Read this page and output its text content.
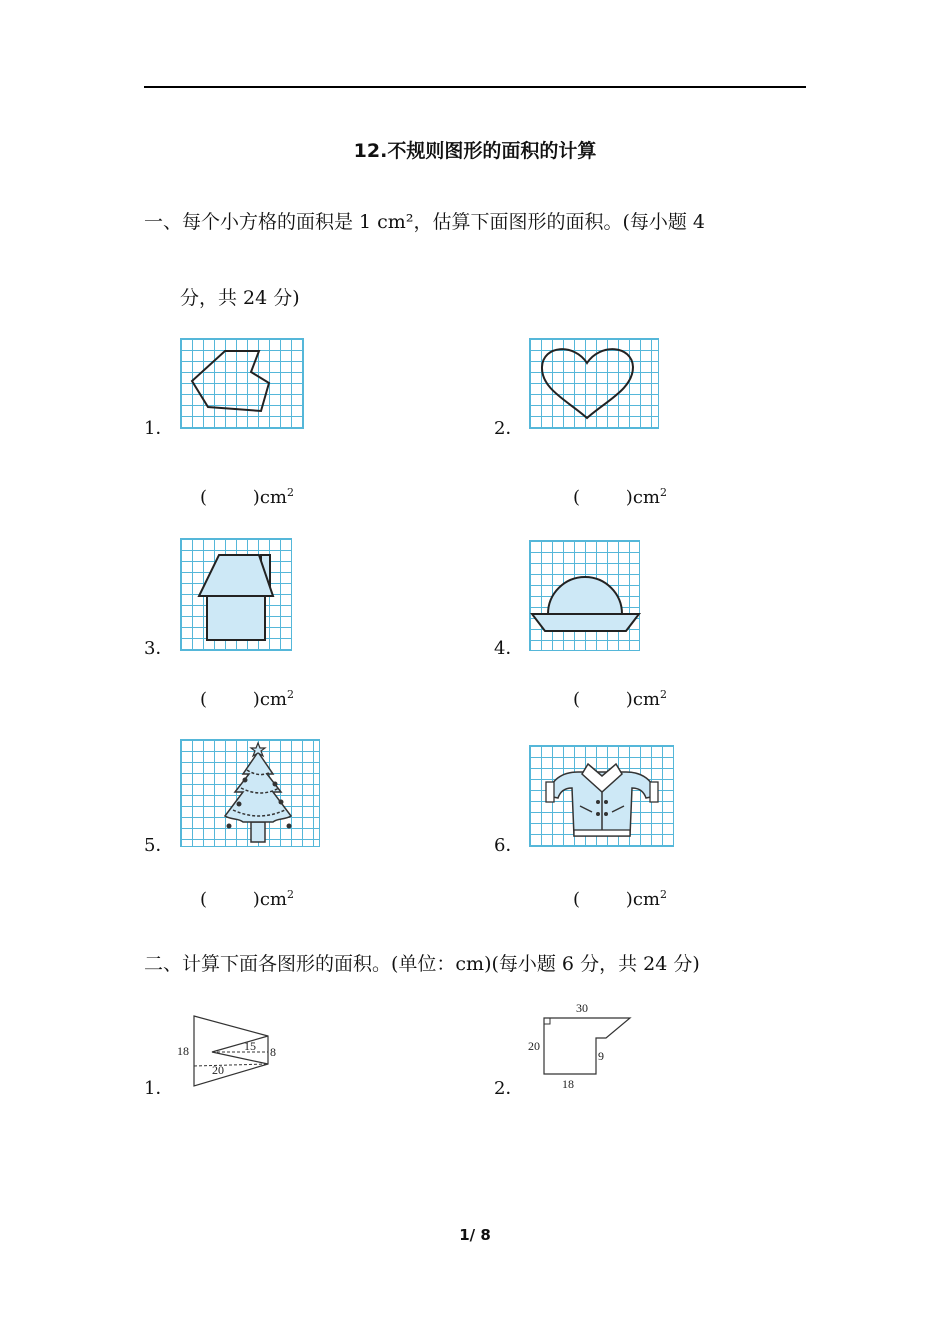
12.不规则图形的面积的计算
一、每个小方格的面积是 1 cm²，估算下面图形的面积。(每小题 4
分，共 24 分)
1．
(        )$cm^2$
2．
(        )$cm^2$
3．
(        )$cm^2$
4．
(        )$cm^2$
5．
(        )$cm^2$
6．
(        )$cm^2$
二、计算下面各图形的面积。(单位：cm)(每小题 6 分，共 24 分)
1．
18	15 8
20
2．
30
20
9
18
1/ 8
